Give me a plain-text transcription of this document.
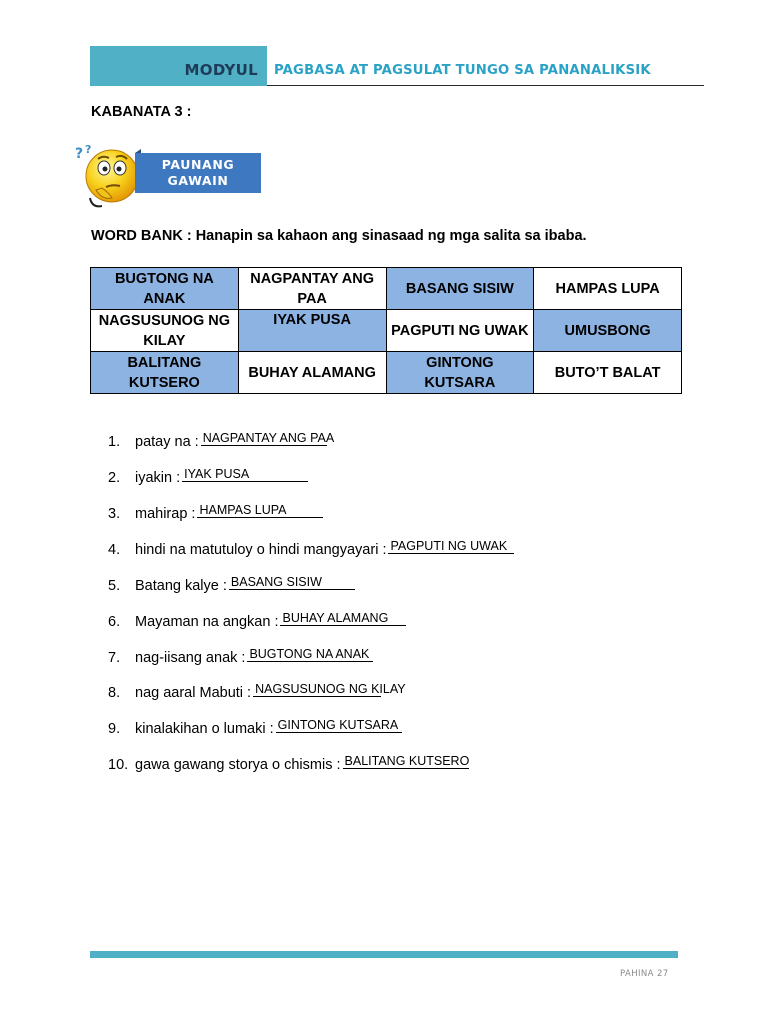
MODYUL PAGBASA AT PAGSULAT TUNGO SA PANANALIKSIK
KABANATA 3 :
? ?
PAUNANG
GAWAIN
WORD BANK : Hanapin sa kahaon ang sinasaad ng mga salita sa ibaba.
BUGTONG NA ANAK	NAGPANTAY ANG PAA	BASANG SISIW	HAMPAS LUPA
NAGSUSUNOG NG KILAY	IYAK PUSA	PAGPUTI NG UWAK	UMUSBONG
BALITANG KUTSERO	BUHAY ALAMANG	GINTONG KUTSARA	BUTO’T BALAT
1. patay na : NAGPANTAY ANG PAA
2. iyakin : IYAK PUSA
3. mahirap : HAMPAS LUPA
4. hindi na matutuloy o hindi mangyayari : PAGPUTI NG UWAK
5. Batang kalye : BASANG SISIW
6. Mayaman na angkan : BUHAY ALAMANG
7. nag-iisang anak : BUGTONG NA ANAK
8. nag aaral Mabuti : NAGSUSUNOG NG KILAY
9. kinalakihan o lumaki : GINTONG KUTSARA
10. gawa gawang storya o chismis : BALITANG KUTSERO
PAHINA 27
